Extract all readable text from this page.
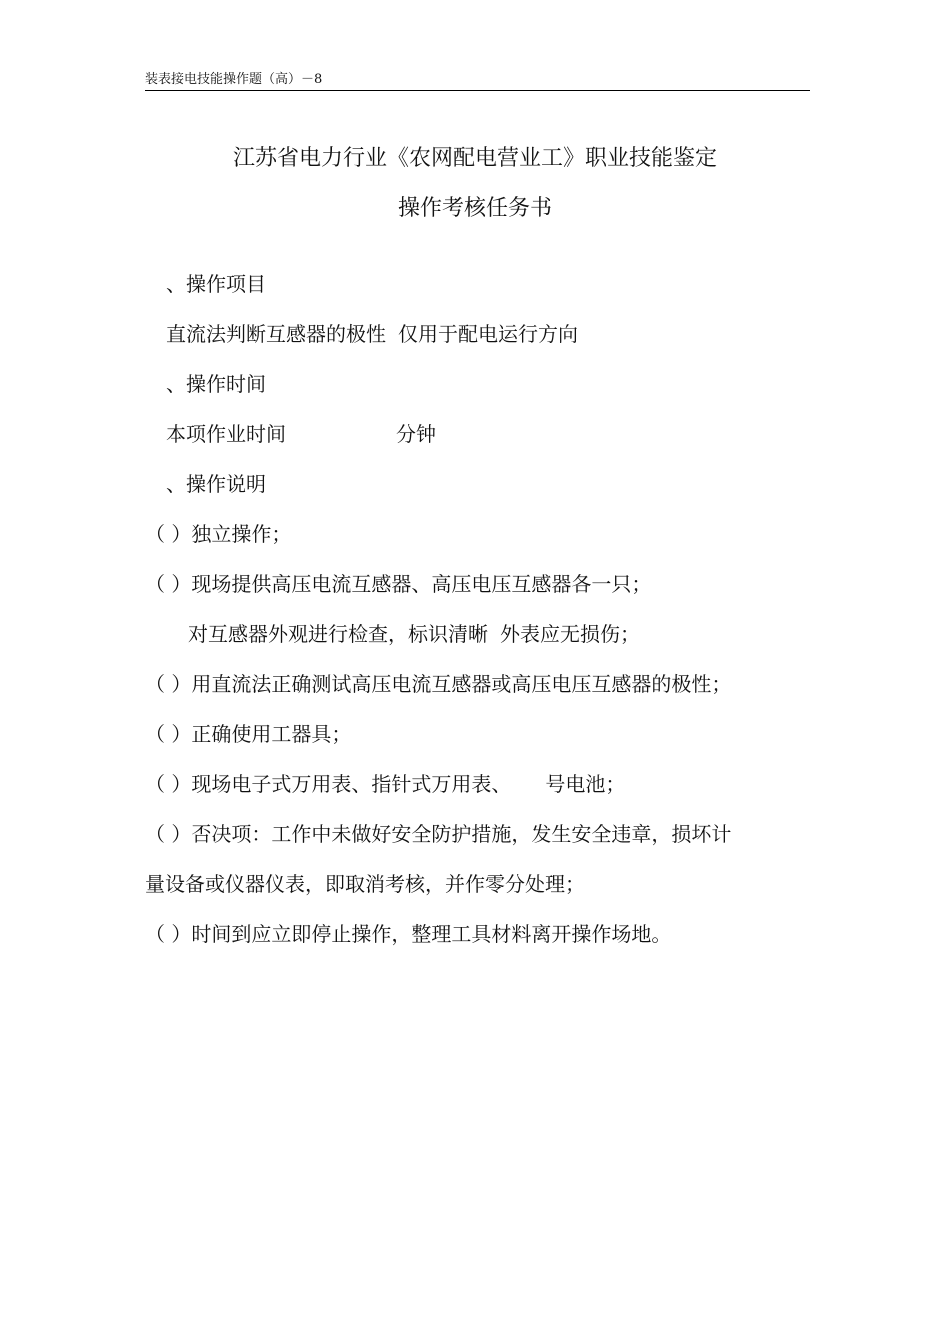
装表接电技能操作题（高）－8
江苏省电力行业《农网配电营业工》职业技能鉴定
操作考核任务书
、操作项目
直流法判断互感器的极性 仅用于配电运行方向
、操作时间
本项作业时间	分钟
、操作说明
（ ）独立操作；
（ ）现场提供高压电流互感器、高压电压互感器各一只；
对互感器外观进行检查，标识清晰 外表应无损伤；
（ ）用直流法正确测试高压电流互感器或高压电压互感器的极性；
（ ）正确使用工器具；
（ ）现场电子式万用表、指针式万用表、 号电池；
（ ）否决项：工作中未做好安全防护措施，发生安全违章，损坏计
量设备或仪器仪表，即取消考核，并作零分处理；
（ ）时间到应立即停止操作，整理工具材料离开操作场地。
